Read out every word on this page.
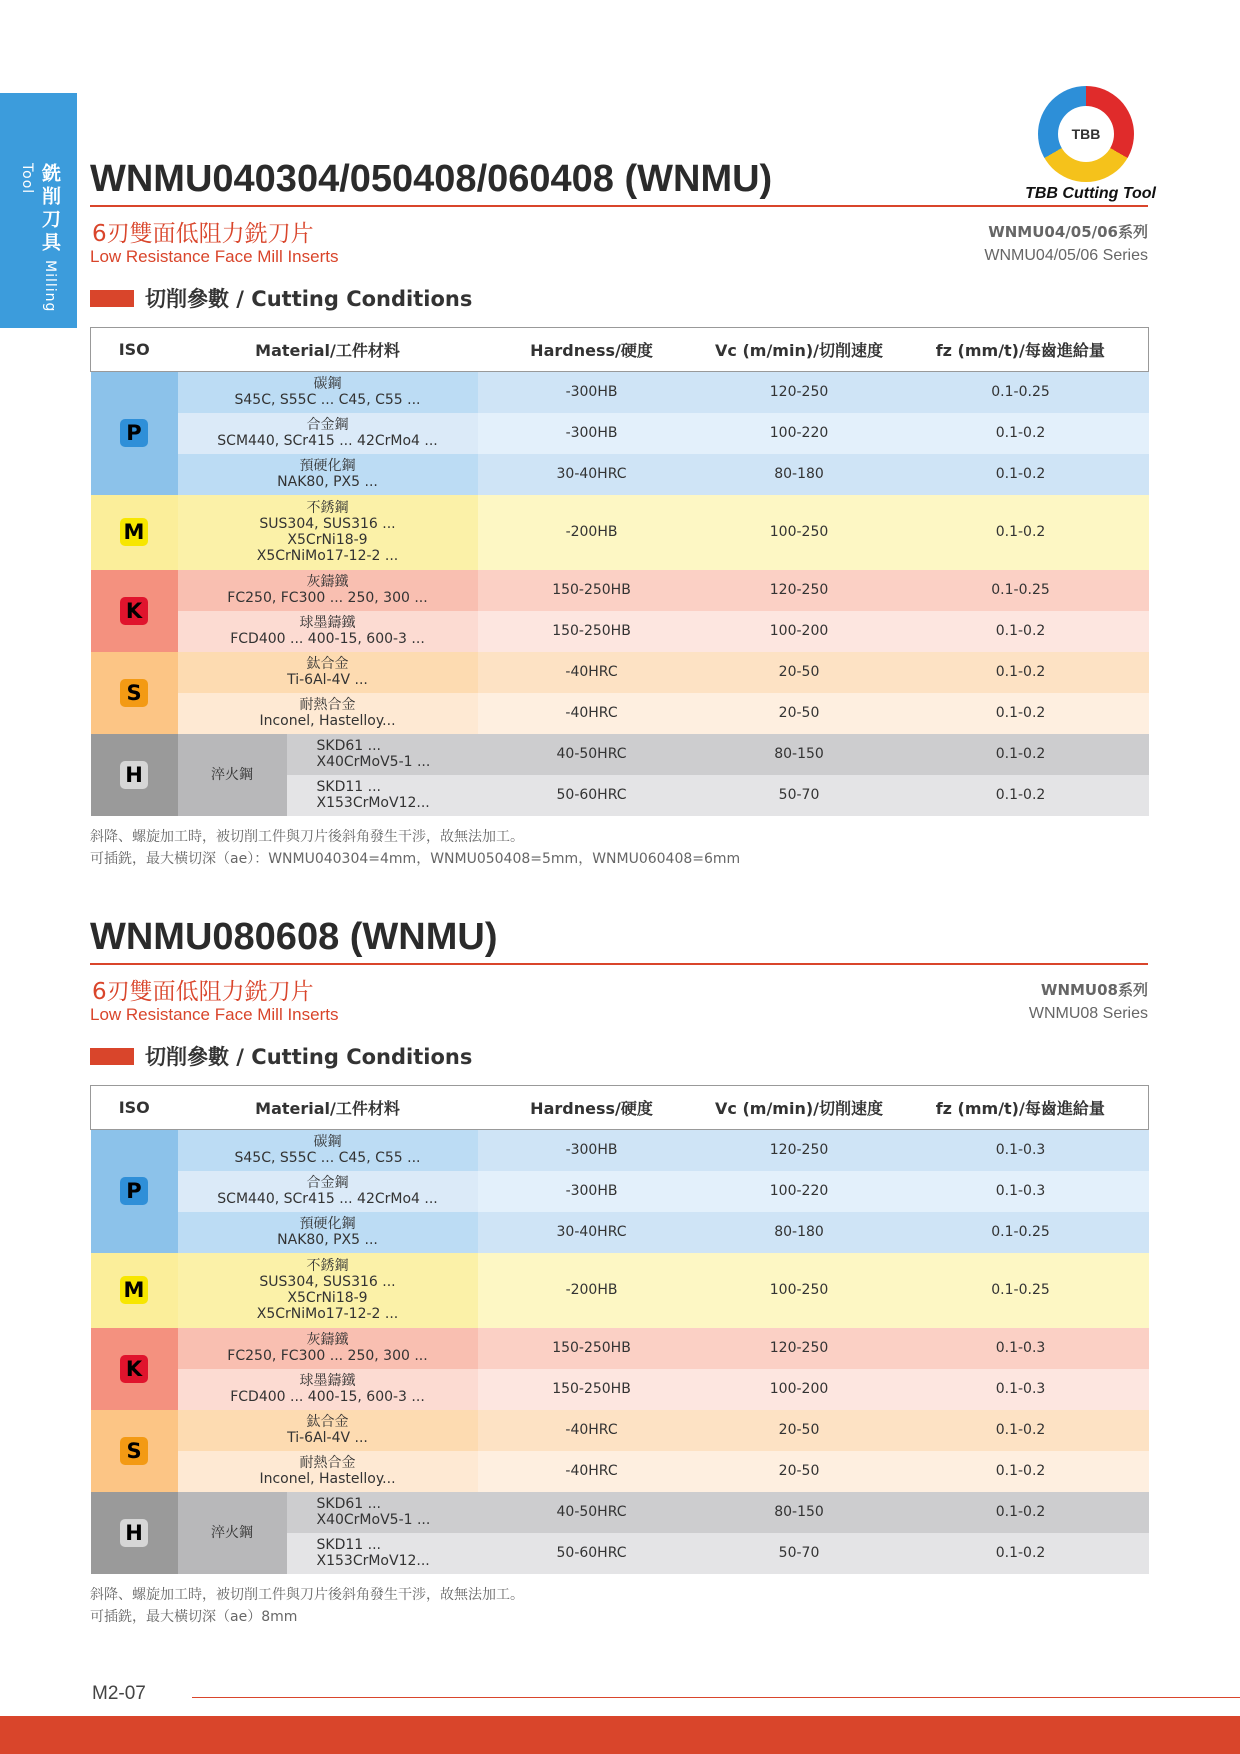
銑削刀具 Milling Tool
TBB
TBB Cutting Tool
WNMU040304/050408/060408 (WNMU)
6刃雙面低阻力銑刀片
Low Resistance Face Mill Inserts
WNMU04/05/06系列
WNMU04/05/06 Series
切削參數 / Cutting Conditions
ISO	Material/工件材料		Hardness/硬度	Vc (m/min)/切削速度	fz (mm/t)/每齒進給量
P	碳鋼
S45C, S55C ... C45, C55 ...		-300HB	120-250	0.1-0.25

	合金鋼
SCM440, SCr415 ... 42CrMo4 ...		-300HB	100-220	0.1-0.2

	預硬化鋼
NAK80, PX5 ...		30-40HRC	80-180	0.1-0.2
M	不銹鋼
SUS304, SUS316 ...
X5CrNi18-9
X5CrNiMo17-12-2 ...		-200HB	100-250	0.1-0.2
K	灰鑄鐵
FC250, FC300 ... 250, 300 ...		150-250HB	120-250	0.1-0.25

	球墨鑄鐵
FCD400 ... 400-15, 600-3 ...		150-250HB	100-200	0.1-0.2
S	鈦合金
Ti-6Al-4V ...		-40HRC	20-50	0.1-0.2

	耐熱合金
Inconel, Hastelloy...		-40HRC	20-50	0.1-0.2
H	淬火鋼	SKD61 ...
X40CrMoV5-1 ...	40-50HRC	80-150	0.1-0.2

		SKD11 ...
X153CrMoV12...	50-60HRC	50-70	0.1-0.2
斜降、螺旋加工時，被切削工件與刀片後斜角發生干涉，故無法加工。
可插銑，最大橫切深（ae）：WNMU040304=4mm，WNMU050408=5mm，WNMU060408=6mm
WNMU080608 (WNMU)
6刃雙面低阻力銑刀片
Low Resistance Face Mill Inserts
WNMU08系列
WNMU08 Series
切削參數 / Cutting Conditions
ISO	Material/工件材料		Hardness/硬度	Vc (m/min)/切削速度	fz (mm/t)/每齒進給量
P	碳鋼
S45C, S55C ... C45, C55 ...		-300HB	120-250	0.1-0.3

	合金鋼
SCM440, SCr415 ... 42CrMo4 ...		-300HB	100-220	0.1-0.3

	預硬化鋼
NAK80, PX5 ...		30-40HRC	80-180	0.1-0.25
M	不銹鋼
SUS304, SUS316 ...
X5CrNi18-9
X5CrNiMo17-12-2 ...		-200HB	100-250	0.1-0.25
K	灰鑄鐵
FC250, FC300 ... 250, 300 ...		150-250HB	120-250	0.1-0.3

	球墨鑄鐵
FCD400 ... 400-15, 600-3 ...		150-250HB	100-200	0.1-0.3
S	鈦合金
Ti-6Al-4V ...		-40HRC	20-50	0.1-0.2

	耐熱合金
Inconel, Hastelloy...		-40HRC	20-50	0.1-0.2
H	淬火鋼	SKD61 ...
X40CrMoV5-1 ...	40-50HRC	80-150	0.1-0.2

		SKD11 ...
X153CrMoV12...	50-60HRC	50-70	0.1-0.2
斜降、螺旋加工時，被切削工件與刀片後斜角發生干涉，故無法加工。
可插銑，最大橫切深（ae）8mm
M2-07
